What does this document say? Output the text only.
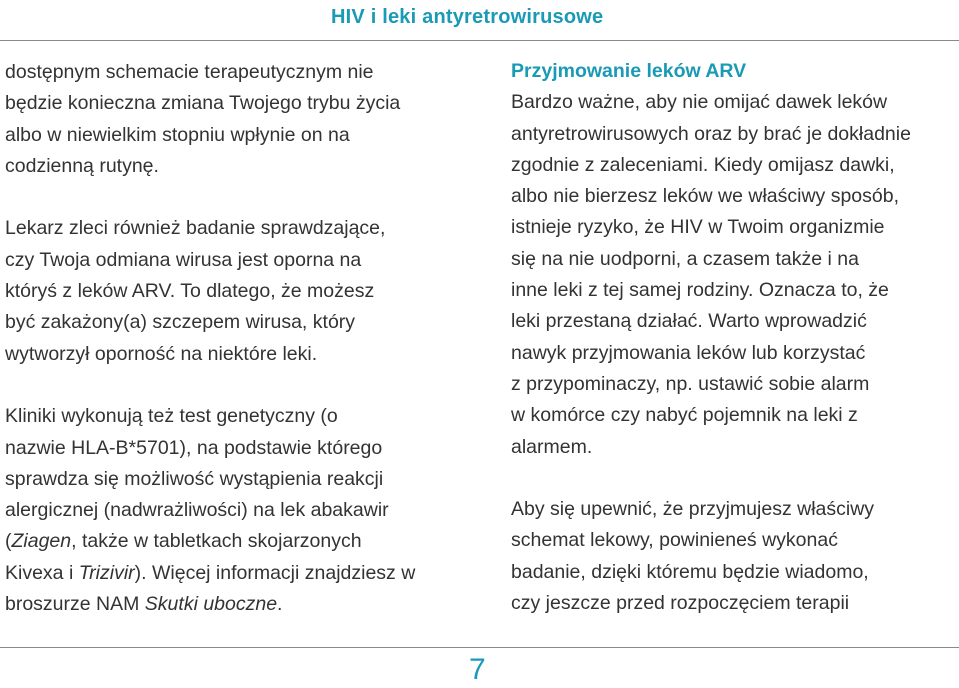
HIV i leki antyretrowirusowe

dostępnym schemacie terapeutycznym nie
będzie konieczna zmiana Twojego trybu życia
albo w niewielkim stopniu wpłynie on na
codzienną rutynę.

Lekarz zleci również badanie sprawdzające,
czy Twoja odmiana wirusa jest oporna na
któryś z leków ARV. To dlatego, że możesz
być zakażony(a) szczepem wirusa, który
wytworzył oporność na niektóre leki.

Kliniki wykonują też test genetyczny (o
nazwie HLA-B*5701), na podstawie którego
sprawdza się możliwość wystąpienia reakcji
alergicznej (nadwrażliwości) na lek abakawir
(Ziagen, także w tabletkach skojarzonych
Kivexa i Trizivir). Więcej informacji znajdziesz w
broszurze NAM Skutki uboczne.

Przyjmowanie leków ARV
Bardzo ważne, aby nie omijać dawek leków
antyretrowirusowych oraz by brać je dokładnie
zgodnie z zaleceniami. Kiedy omijasz dawki,
albo nie bierzesz leków we właściwy sposób,
istnieje ryzyko, że HIV w Twoim organizmie
się na nie uodporni, a czasem także i na
inne leki z tej samej rodziny. Oznacza to, że
leki przestaną działać. Warto wprowadzić
nawyk przyjmowania leków lub korzystać
z przypominaczy, np. ustawić sobie alarm
w komórce czy nabyć pojemnik na leki z
alarmem.

Aby się upewnić, że przyjmujesz właściwy
schemat lekowy, powinieneś wykonać
badanie, dzięki któremu będzie wiadomo,
czy jeszcze przed rozpoczęciem terapii

7
